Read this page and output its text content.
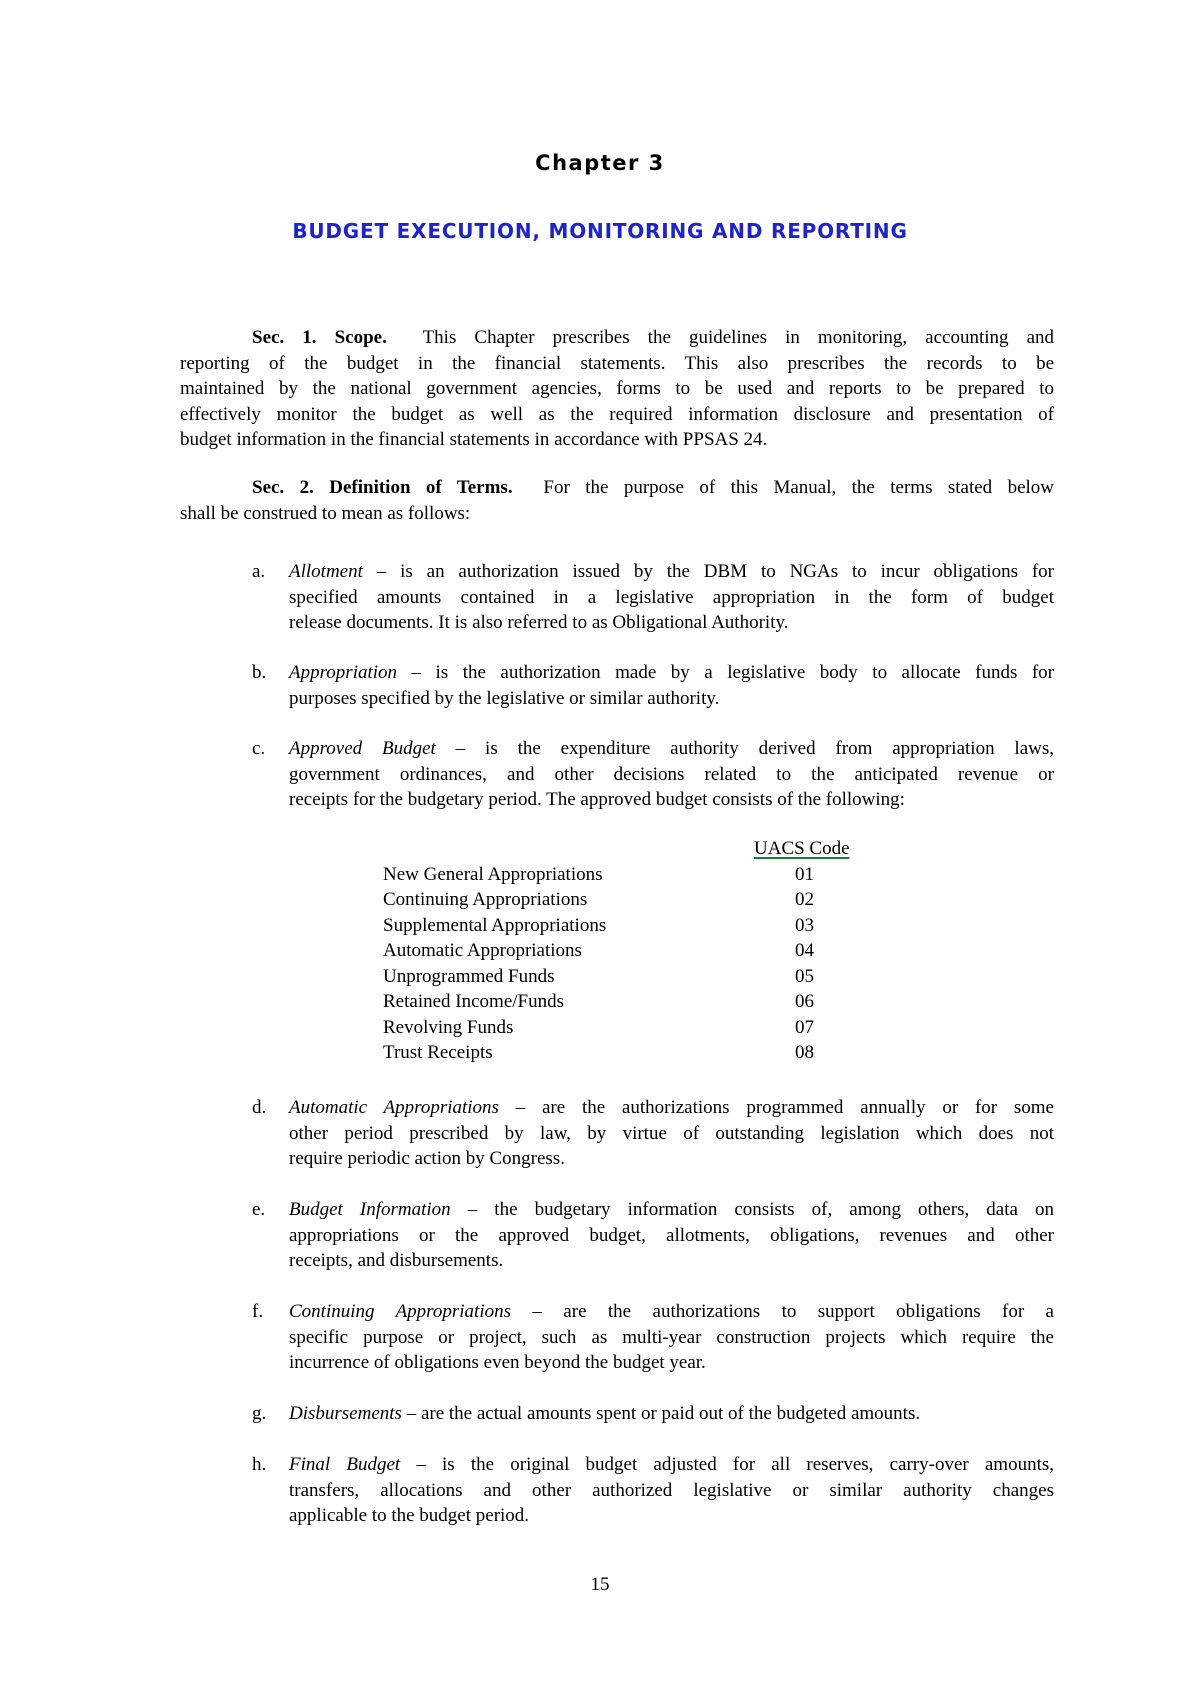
Chapter 3
BUDGET EXECUTION, MONITORING AND REPORTING
Sec. 1. Scope. This Chapter prescribes the guidelines in monitoring, accounting and
reporting of the budget in the financial statements. This also prescribes the records to be
maintained by the national government agencies, forms to be used and reports to be prepared to
effectively monitor the budget as well as the required information disclosure and presentation of
budget information in the financial statements in accordance with PPSAS 24.
Sec. 2. Definition of Terms. For the purpose of this Manual, the terms stated below
shall be construed to mean as follows:
a.	Allotment – is an authorization issued by the DBM to NGAs to incur obligations for
specified amounts contained in a legislative appropriation in the form of budget
release documents. It is also referred to as Obligational Authority.
b.	Appropriation – is the authorization made by a legislative body to allocate funds for
purposes specified by the legislative or similar authority.
c.	Approved Budget – is the expenditure authority derived from appropriation laws,
government ordinances, and other decisions related to the anticipated revenue or
receipts for the budgetary period. The approved budget consists of the following:
UACS Code
New General Appropriations	01
Continuing Appropriations	02
Supplemental Appropriations	03
Automatic Appropriations	04
Unprogrammed Funds	05
Retained Income/Funds	06
Revolving Funds	07
Trust Receipts	08
d.	Automatic Appropriations – are the authorizations programmed annually or for some
other period prescribed by law, by virtue of outstanding legislation which does not
require periodic action by Congress.
e.	Budget Information – the budgetary information consists of, among others, data on
appropriations or the approved budget, allotments, obligations, revenues and other
receipts, and disbursements.
f.	Continuing Appropriations – are the authorizations to support obligations for a
specific purpose or project, such as multi-year construction projects which require the
incurrence of obligations even beyond the budget year.
g.	Disbursements – are the actual amounts spent or paid out of the budgeted amounts.
h.	Final Budget – is the original budget adjusted for all reserves, carry-over amounts,
transfers, allocations and other authorized legislative or similar authority changes
applicable to the budget period.
15
